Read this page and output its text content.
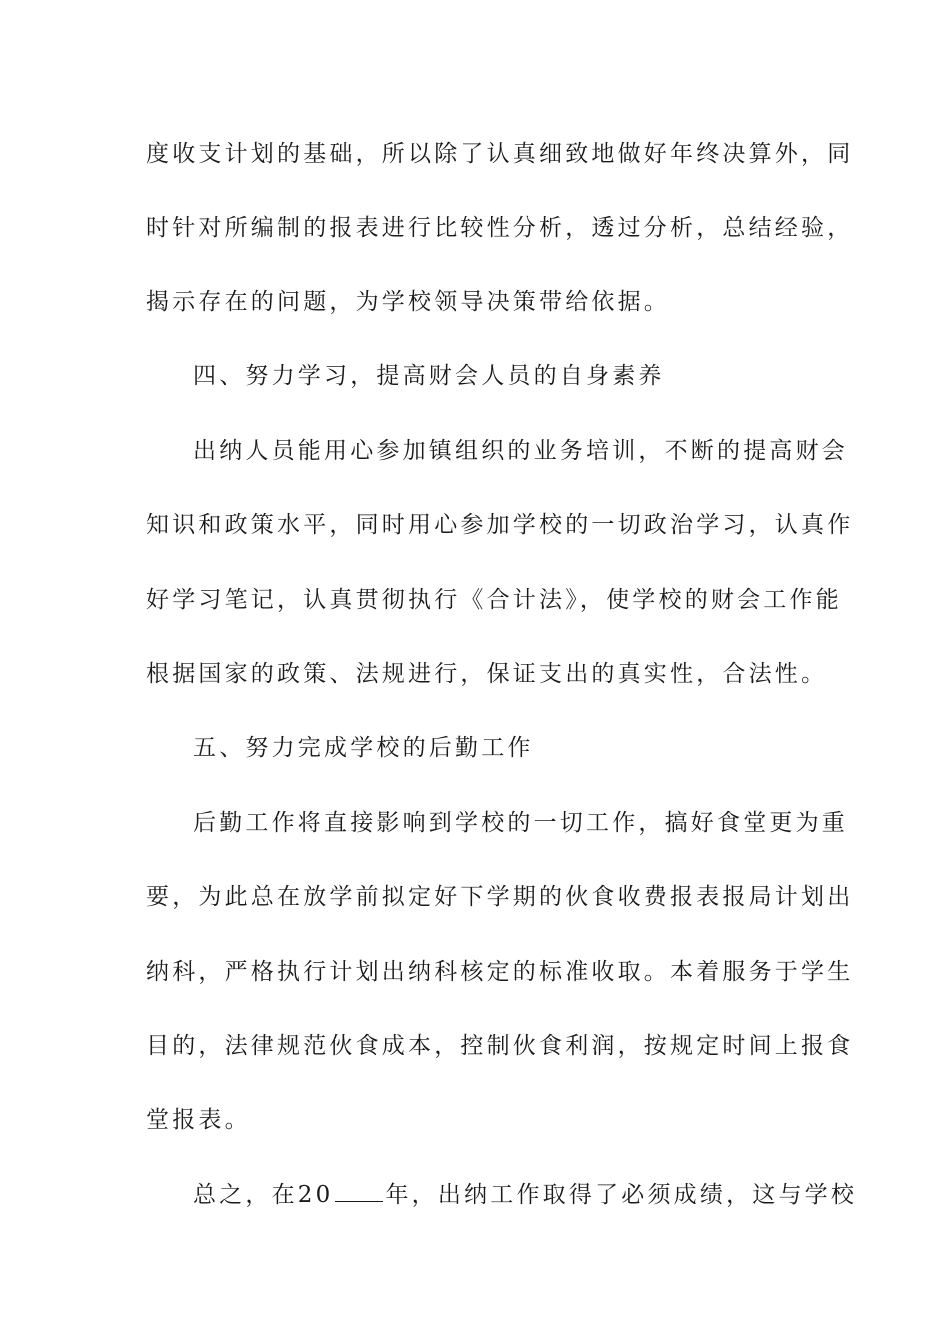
度收支计划的基础，所以除了认真细致地做好年终决算外，同
时针对所编制的报表进行比较性分析，透过分析，总结经验，
揭示存在的问题，为学校领导决策带给依据。
四、努力学习，提高财会人员的自身素养
出纳人员能用心参加镇组织的业务培训，不断的提高财会
知识和政策水平，同时用心参加学校的一切政治学习，认真作
好学习笔记，认真贯彻执行《合计法》，使学校的财会工作能
根据国家的政策、法规进行，保证支出的真实性，合法性。
五、努力完成学校的后勤工作
后勤工作将直接影响到学校的一切工作，搞好食堂更为重
要，为此总在放学前拟定好下学期的伙食收费报表报局计划出
纳科，严格执行计划出纳科核定的标准收取。本着服务于学生
目的，法律规范伙食成本，控制伙食利润，按规定时间上报食
堂报表。
总之，在20 年，出纳工作取得了必须成绩，这与学校
